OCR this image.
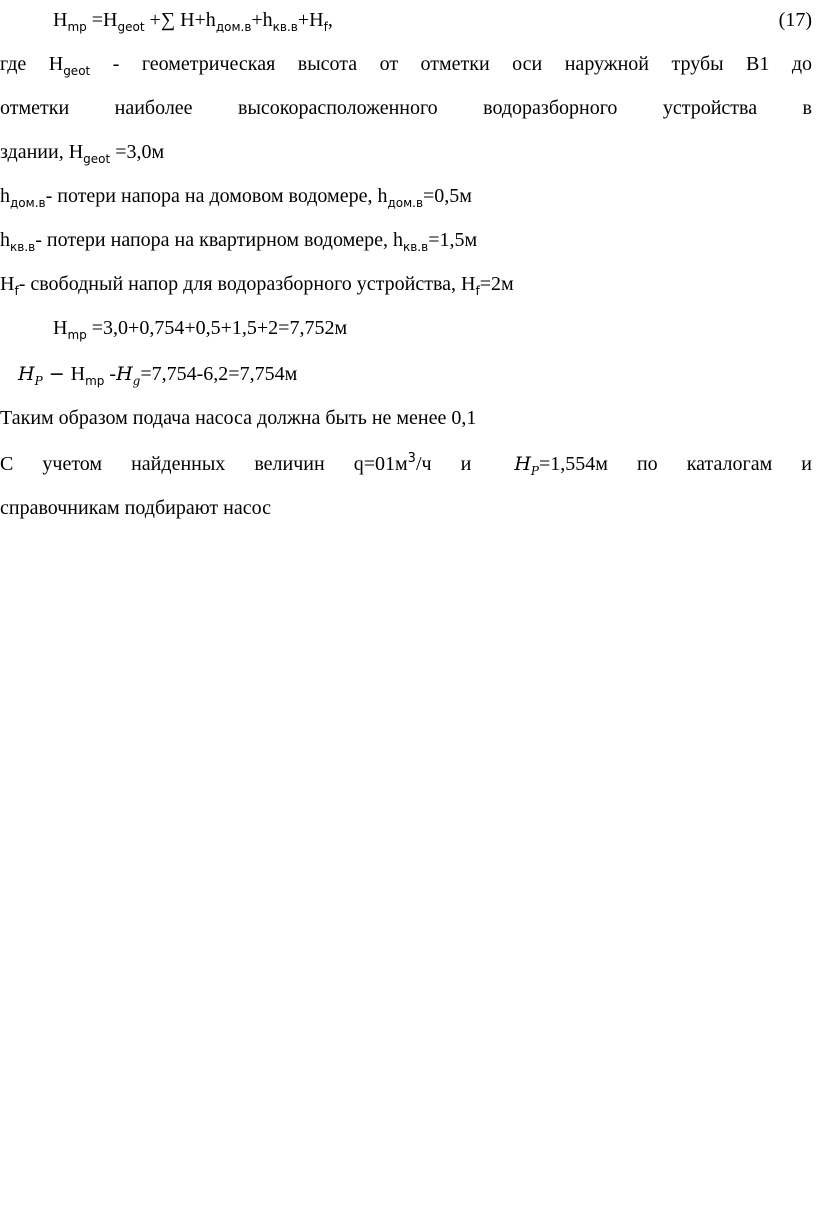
$Н_{mp} =Н_{geot}$ +∑ $Н+h_{дом.в}+h_{кв.в}+Н_f$,	(17)
где $Н_{geot}$ - геометрическая высота от отметки оси наружной трубы В1 до
отметки наиболее высокорасположенного водоразборного устройства в
здании, $Н_{geot} =3,0м$
$h_{дом.в}-$ потери напора на домовом водомере, $h_{дом.в}=0,5м$
$h_{кв.в}-$ потери напора на квартирном водомере, $h_{кв.в}=1,5м$
$Н_f-$ свободный напор для водоразборного устройства, $Н_f=2м$
$Н_{mp} =3,0+0,754+0,5+1,5+2=7,752м$
$H_P - Н_{mp}$ $-H_g=7,754-6,2=7,754м$
Таким образом подача насоса должна быть не менее 0,1
С учетом найденных величин $q=01м^3/ч$ и $H_P=1,554м$ по каталогам и
справочникам подбирают насос
